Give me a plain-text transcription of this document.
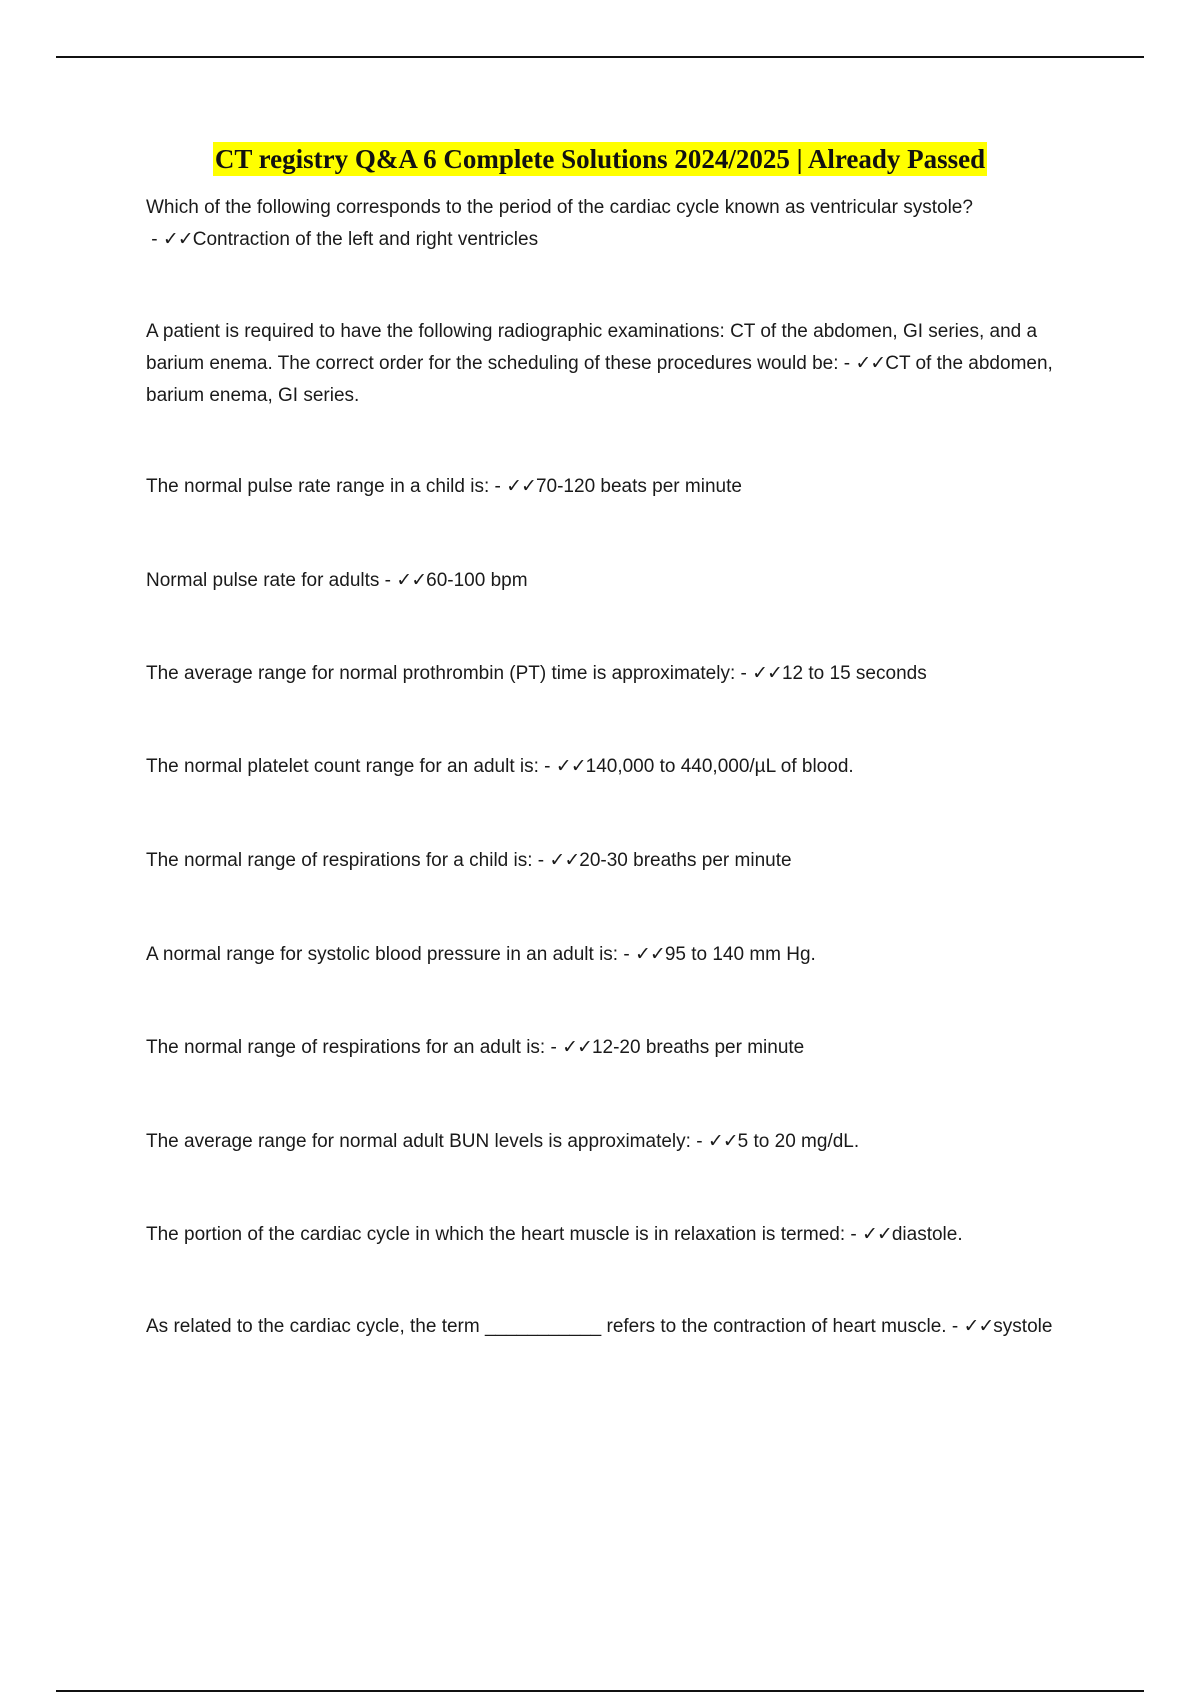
CT registry Q&A 6 Complete Solutions 2024/2025 | Already Passed
Which of the following corresponds to the period of the cardiac cycle known as ventricular systole? - ✓✓Contraction of the left and right ventricles
A patient is required to have the following radiographic examinations: CT of the abdomen, GI series, and a barium enema. The correct order for the scheduling of these procedures would be: - ✓✓CT of the abdomen, barium enema, GI series.
The normal pulse rate range in a child is: - ✓✓70-120 beats per minute
Normal pulse rate for adults - ✓✓60-100 bpm
The average range for normal prothrombin (PT) time is approximately: - ✓✓12 to 15 seconds
The normal platelet count range for an adult is: - ✓✓140,000 to 440,000/µL of blood.
The normal range of respirations for a child is: - ✓✓20-30 breaths per minute
A normal range for systolic blood pressure in an adult is: - ✓✓95 to 140 mm Hg.
The normal range of respirations for an adult is: - ✓✓12-20 breaths per minute
The average range for normal adult BUN levels is approximately: - ✓✓5 to 20 mg/dL.
The portion of the cardiac cycle in which the heart muscle is in relaxation is termed: - ✓✓diastole.
As related to the cardiac cycle, the term ___________ refers to the contraction of heart muscle. - ✓✓systole
